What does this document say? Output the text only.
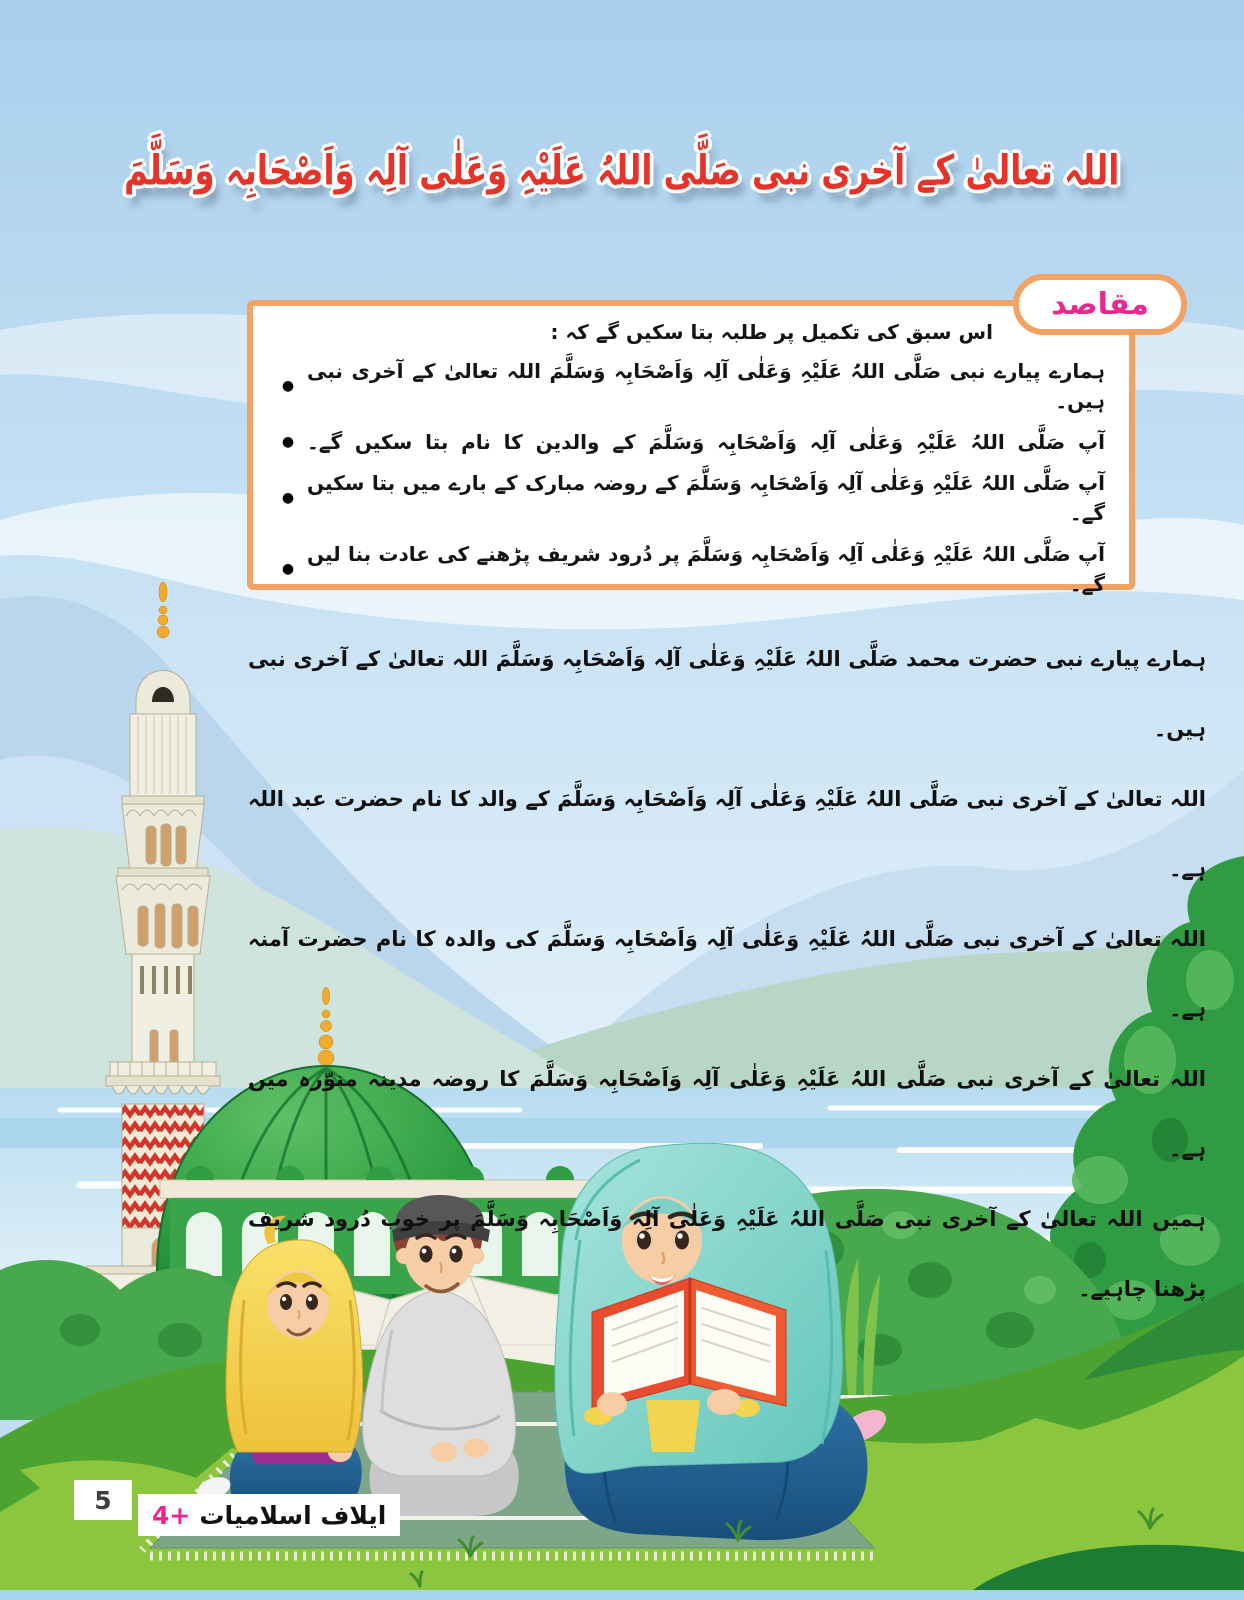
اللہ تعالیٰ کے آخری نبی صَلَّی اللہُ عَلَیْہِ وَعَلٰی آلِہ وَاَصْحَابِہ وَسَلَّمَ
مقاصد
اس سبق کی تکمیل پر طلبہ بتا سکیں گے کہ :
●
ہمارے پیارے نبی صَلَّی اللہُ عَلَیْہِ وَعَلٰی آلِہ وَاَصْحَابِہ وَسَلَّمَ اللہ تعالیٰ کے آخری نبی ہیں۔
● آپ صَلَّی اللہُ عَلَیْہِ وَعَلٰی آلِہ وَاَصْحَابِہ وَسَلَّمَ کے والدین کا نام بتا سکیں گے۔
●
آپ صَلَّی اللہُ عَلَیْہِ وَعَلٰی آلِہ وَاَصْحَابِہ وَسَلَّمَ کے روضہ مبارک کے بارے میں بتا سکیں گے۔
●
آپ صَلَّی اللہُ عَلَیْہِ وَعَلٰی آلِہ وَاَصْحَابِہ وَسَلَّمَ پر دُرود شریف پڑھنے کی عادت بنا لیں گے۔

ہمارے پیارے نبی حضرت محمد صَلَّی اللہُ عَلَیْہِ وَعَلٰی آلِہ وَاَصْحَابِہ وَسَلَّمَ اللہ تعالیٰ کے آخری نبی ہیں۔

اللہ تعالیٰ کے آخری نبی صَلَّی اللہُ عَلَیْہِ وَعَلٰی آلِہ وَاَصْحَابِہ وَسَلَّمَ کے والد کا نام حضرت عبد اللہ ہے۔

اللہ تعالیٰ کے آخری نبی صَلَّی اللہُ عَلَیْہِ وَعَلٰی آلِہ وَاَصْحَابِہ وَسَلَّمَ کی والدہ کا نام حضرت آمنہ ہے۔

اللہ تعالیٰ کے آخری نبی صَلَّی اللہُ عَلَیْہِ وَعَلٰی آلِہ وَاَصْحَابِہ وَسَلَّمَ کا روضہ مدینہ منوّرہ میں ہے۔

ہمیں اللہ تعالیٰ کے آخری نبی صَلَّی اللہُ عَلَیْہِ وَعَلٰی آلِہ وَاَصْحَابِہ وَسَلَّمَ پر خوب دُرود شریف پڑھنا چاہیے۔

5
ایلاف اسلامیات
+4
